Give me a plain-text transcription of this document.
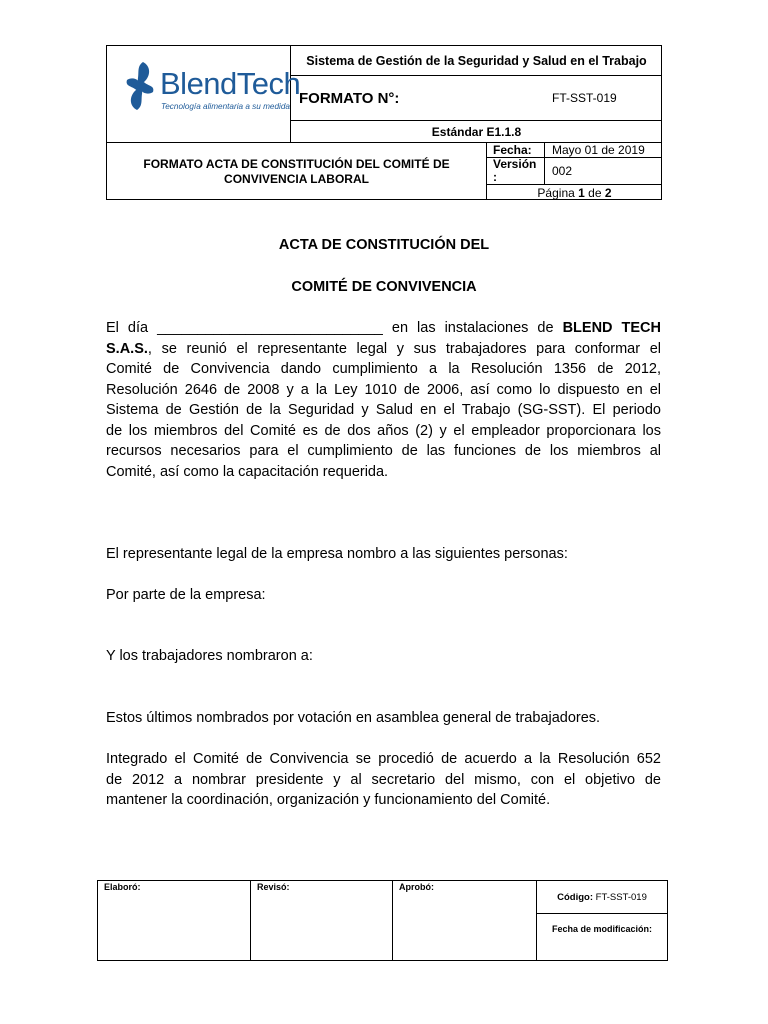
BlendTech
Tecnología alimentaria a su medida
Sistema de Gestión de la Seguridad y Salud en el Trabajo
FORMATO N°:	FT-SST-019
Estándar E1.1.8
FORMATO ACTA DE CONSTITUCIÓN DEL COMITÉ DE
CONVIVENCIA LABORAL
Fecha:	Mayo 01 de 2019
Versión
:	002
Página
1
de
2
ACTA DE CONSTITUCIÓN DEL
COMITÉ DE CONVIVENCIA
El día ____________________________ en las instalaciones de BLEND TECH
S.A.S., se reunió el representante legal y sus trabajadores para conformar el
Comité de Convivencia dando cumplimiento a la Resolución 1356 de 2012,
Resolución 2646 de 2008 y a la Ley 1010 de 2006, así como lo dispuesto en el
Sistema de Gestión de la Seguridad y Salud en el Trabajo (SG-SST). El periodo
de los miembros del Comité es de dos años (2) y el empleador proporcionara los
recursos necesarios para el cumplimiento de las funciones de los miembros al
Comité, así como la capacitación requerida.
El representante legal de la empresa nombro a las siguientes personas:
Por parte de la empresa:
Y los trabajadores nombraron a:
Estos últimos nombrados por votación en asamblea general de trabajadores.
Integrado el Comité de Convivencia se procedió de acuerdo a la Resolución 652
de 2012 a nombrar presidente y al secretario del mismo, con el objetivo de
mantener la coordinación, organización y funcionamiento del Comité.
Elaboró:	Revisó:	Aprobó:
Código:
FT-SST-019
Fecha de modificación:
